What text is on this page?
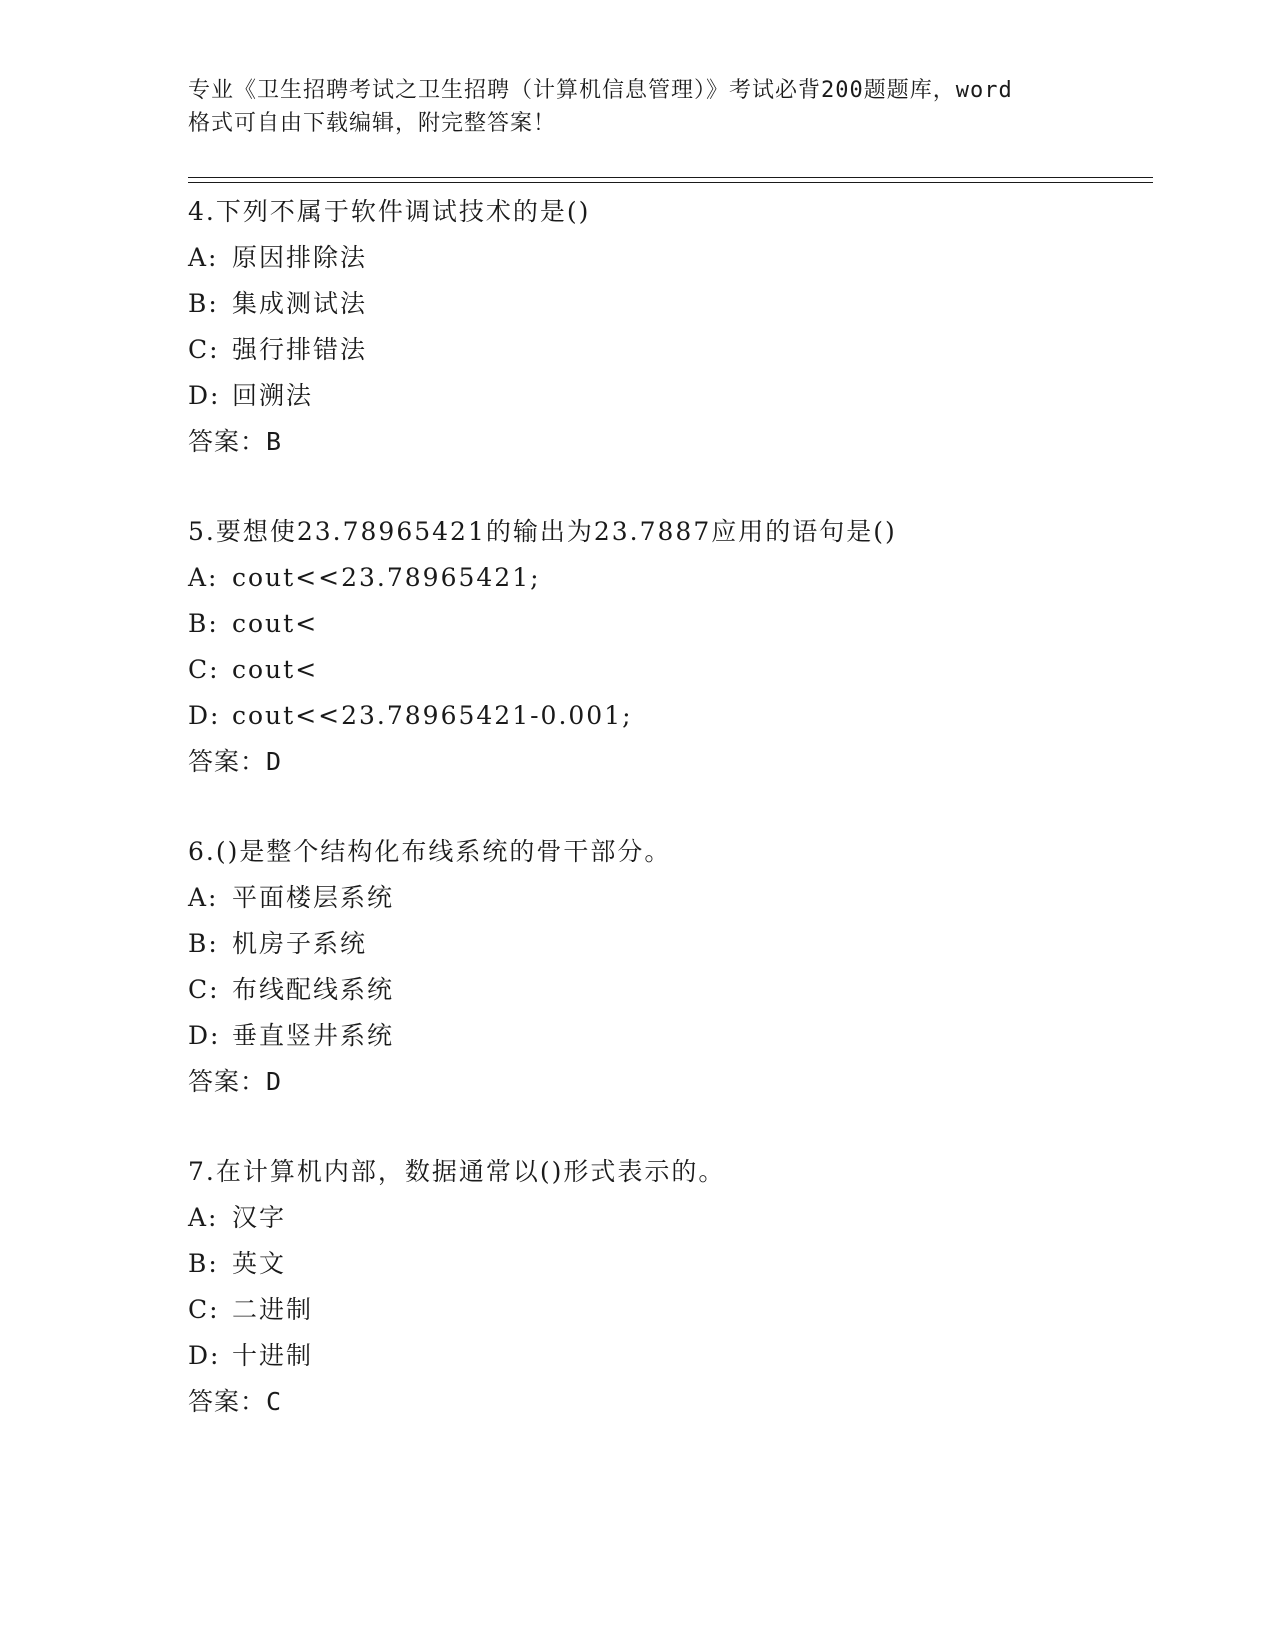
专业《卫生招聘考试之卫生招聘（计算机信息管理）》考试必背200题题库，word
格式可自由下载编辑，附完整答案！
4.下列不属于软件调试技术的是()
A: 原因排除法
B: 集成测试法
C: 强行排错法
D: 回溯法
答案：B
5.要想使23.78965421的输出为23.7887应用的语句是()
A: cout<<23.78965421;
B: cout<
C: cout<
D: cout<<23.78965421-0.001;
答案：D
6.()是整个结构化布线系统的骨干部分。
A: 平面楼层系统
B: 机房子系统
C: 布线配线系统
D: 垂直竖井系统
答案：D
7.在计算机内部，数据通常以()形式表示的。
A: 汉字
B: 英文
C: 二进制
D: 十进制
答案：C
